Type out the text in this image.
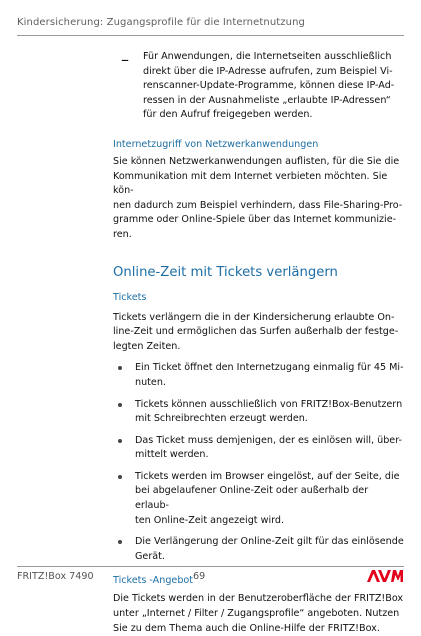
Kindersicherung: Zugangsprofile für die Internetnutzung
– Für Anwendungen, die Internetseiten ausschließlich
direkt über die IP-Adresse aufrufen, zum Beispiel Vi-
renscanner-Update-Programme, können diese IP-Ad-
ressen in der Ausnahmeliste „erlaubte IP-Adressen“
für den Aufruf freigegeben werden.

Internetzugriff von Netzwerkanwendungen

Sie können Netzwerkanwendungen auflisten, für die Sie die
Kommunikation mit dem Internet verbieten möchten. Sie kön-
nen dadurch zum Beispiel verhindern, dass File-Sharing-Pro-
gramme oder Online-Spiele über das Internet kommunizie-
ren.

Online-Zeit mit Tickets verlängern

Tickets

Tickets verlängern die in der Kindersicherung erlaubte On-
line-Zeit und ermöglichen das Surfen außerhalb der festge-
legten Zeiten.

Ein Ticket öffnet den Internetzugang einmalig für 45 Mi-
nuten.
Tickets können ausschließlich von FRITZ!Box-Benutzern
mit Schreibrechten erzeugt werden.
Das Ticket muss demjenigen, der es einlösen will, über-
mittelt werden.
Tickets werden im Browser eingelöst, auf der Seite, die
bei abgelaufener Online-Zeit oder außerhalb der erlaub-
ten Online-Zeit angezeigt wird.
Die Verlängerung der Online-Zeit gilt für das einlösende
Gerät.

Tickets -Angebot

Die Tickets werden in der Benutzeroberfläche der FRITZ!Box
unter „Internet / Filter / Zugangsprofile“ angeboten. Nutzen
Sie zu dem Thema auch die Online-Hilfe der FRITZ!Box.

FRITZ!Box 7490	69
